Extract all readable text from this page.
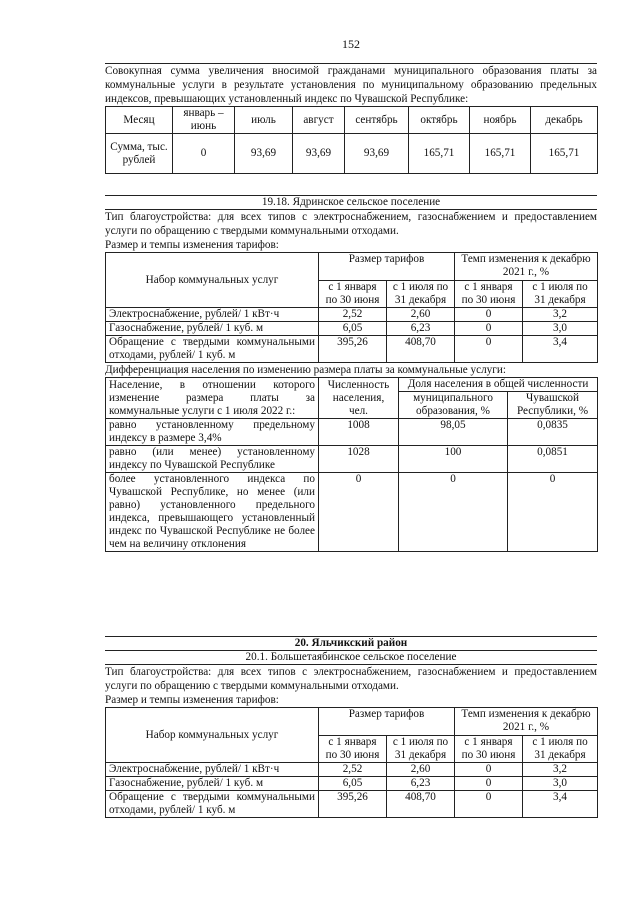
152
Совокупная сумма увеличения вносимой гражданами муниципального образования платы за коммунальные услуги в результате установления по муниципальному образованию предельных индексов, превышающих установленный индекс по Чувашской Республике:
Месяц	январь – июнь	июль	август	сентябрь	октябрь	ноябрь	декабрь
Сумма, тыс. рублей	0	93,69	93,69	93,69	165,71	165,71	165,71
19.18. Ядринское сельское поселение
Тип благоустройства: для всех типов с электроснабжением, газоснабжением и предоставлением услуги по обращению с твердыми коммунальными отходами.
Размер и темпы изменения тарифов:
Набор коммунальных услуг	Размер тарифов		Темп изменения к декабрю 2021 г., %	
	с 1 января по 30 июня	с 1 июля по 31 декабря	с 1 января по 30 июня	с 1 июля по 31 декабря
Электроснабжение, рублей/ 1 кВт·ч	2,52	2,60	0	3,2
Газоснабжение, рублей/ 1 куб. м	6,05	6,23	0	3,0
Обращение с твердыми коммунальными отходами, рублей/ 1 куб. м	395,26	408,70	0	3,4
Дифференциация населения по изменению размера платы за коммунальные услуги:
Население, в отношении которого изменение размера платы за коммунальные услуги с 1 июля 2022 г.:	Численность населения, чел.	Доля населения в общей численности	
		муниципального образования, %	Чувашской Республики, %
равно установленному предельному индексу в размере 3,4%	1008	98,05	0,0835
равно (или менее) установленному индексу по Чувашской Республике	1028	100	0,0851
более установленного индекса по Чувашской Республике, но менее (или равно) установленного предельного индекса, превышающего установленный индекс по Чувашской Республике не более чем на величину отклонения	0	0	0
20. Яльчикский район
20.1. Большетаябинское сельское поселение
Тип благоустройства: для всех типов с электроснабжением, газоснабжением и предоставлением услуги по обращению с твердыми коммунальными отходами.
Размер и темпы изменения тарифов:
Набор коммунальных услуг	Размер тарифов		Темп изменения к декабрю 2021 г., %	
	с 1 января по 30 июня	с 1 июля по 31 декабря	с 1 января по 30 июня	с 1 июля по 31 декабря
Электроснабжение, рублей/ 1 кВт·ч	2,52	2,60	0	3,2
Газоснабжение, рублей/ 1 куб. м	6,05	6,23	0	3,0
Обращение с твердыми коммунальными отходами, рублей/ 1 куб. м	395,26	408,70	0	3,4
